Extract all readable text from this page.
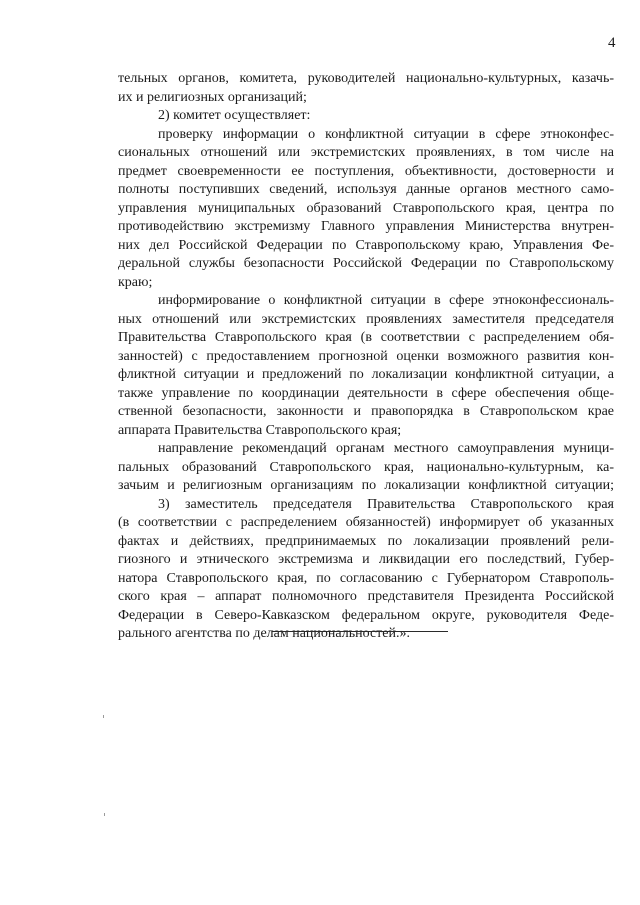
4
тельных органов, комитета, руководителей национально-культурных, казачь-
их и религиозных организаций;
2) комитет осуществляет:
проверку информации о конфликтной ситуации в сфере этноконфес-
сиональных отношений или экстремистских проявлениях, в том числе на
предмет своевременности ее поступления, объективности, достоверности и
полноты поступивших сведений, используя данные органов местного само-
управления муниципальных образований Ставропольского края, центра по
противодействию экстремизму Главного управления Министерства внутрен-
них дел Российской Федерации по Ставропольскому краю, Управления Фе-
деральной службы безопасности Российской Федерации по Ставропольскому
краю;
информирование о конфликтной ситуации в сфере этноконфессиональ-
ных отношений или экстремистских проявлениях заместителя председателя
Правительства Ставропольского края (в соответствии с распределением обя-
занностей) с предоставлением прогнозной оценки возможного развития кон-
фликтной ситуации и предложений по локализации конфликтной ситуации, а
также управление по координации деятельности в сфере обеспечения обще-
ственной безопасности, законности и правопорядка в Ставропольском крае
аппарата Правительства Ставропольского края;
направление рекомендаций органам местного самоуправления муници-
пальных образований Ставропольского края, национально-культурным, ка-
зачьим и религиозным организациям по локализации конфликтной ситуации;
3) заместитель председателя Правительства Ставропольского края
(в соответствии с распределением обязанностей) информирует об указанных
фактах и действиях, предпринимаемых по локализации проявлений рели-
гиозного и этнического экстремизма и ликвидации его последствий, Губер-
натора Ставропольского края, по согласованию с Губернатором Ставрополь-
ского края – аппарат полномочного представителя Президента Российской
Федерации в Северо-Кавказском федеральном округе, руководителя Феде-
рального агентства по делам национальностей.».
